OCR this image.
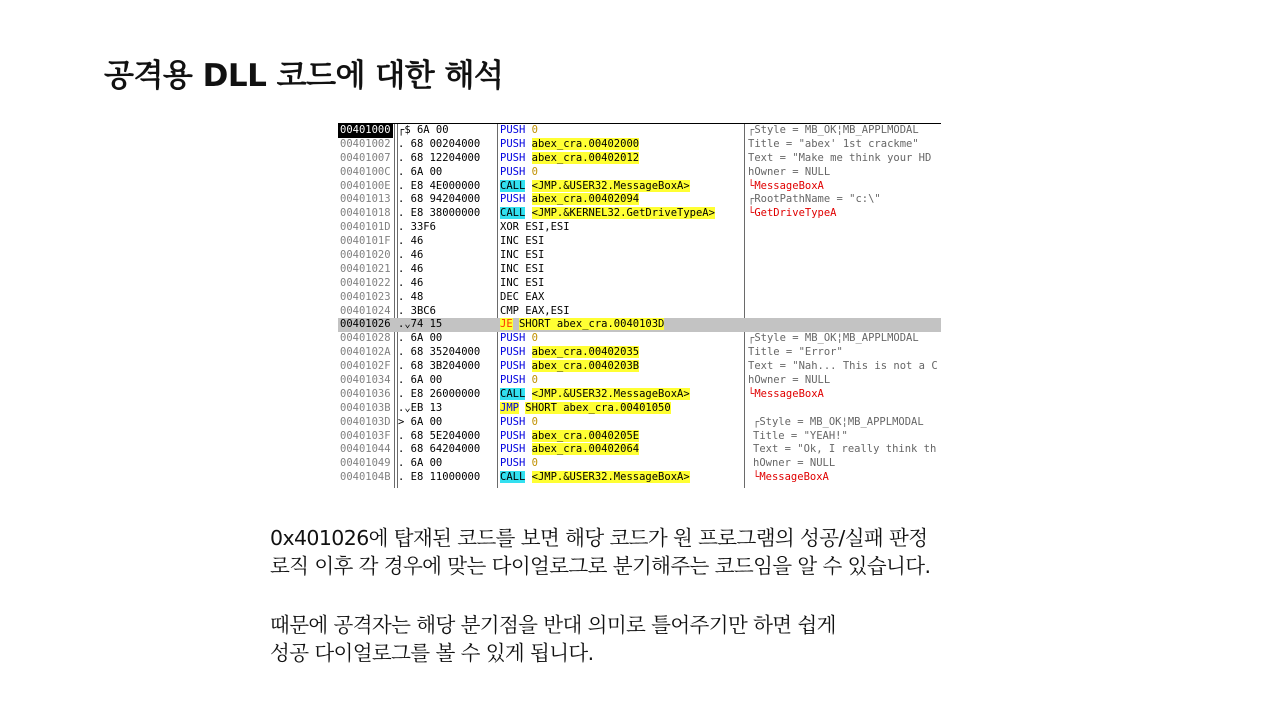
공격용 DLL 코드에 대한 해석
00401000 ┌$ 6A 00	PUSH 0	┌Style = MB_OK¦MB_APPLMODAL
00401002 . 68 00204000 PUSH abex_cra.00402000	Title = "abex' 1st crackme"
00401007 . 68 12204000 PUSH abex_cra.00402012	Text = "Make me think your HD
0040100C . 6A 00	PUSH 0	hOwner = NULL
0040100E . E8 4E000000 CALL <JMP.&USER32.MessageBoxA>	└MessageBoxA
00401013 . 68 94204000 PUSH abex_cra.00402094	┌RootPathName = "c:\"
00401018 . E8 38000000 CALL <JMP.&KERNEL32.GetDriveTypeA>	└GetDriveTypeA
0040101D . 33F6	XOR ESI,ESI
0040101F . 46	INC ESI
00401020 . 46	INC ESI
00401021 . 46	INC ESI
00401022 . 46	INC ESI
00401023 . 48	DEC EAX
00401024 . 3BC6	CMP EAX,ESI
00401026 .⌄74 15	JE SHORT abex_cra.0040103D
00401028 . 6A 00	PUSH 0	┌Style = MB_OK¦MB_APPLMODAL
0040102A . 68 35204000 PUSH abex_cra.00402035	Title = "Error"
0040102F . 68 3B204000 PUSH abex_cra.0040203B	Text = "Nah... This is not a C
00401034 . 6A 00	PUSH 0	hOwner = NULL
00401036 . E8 26000000 CALL <JMP.&USER32.MessageBoxA>	└MessageBoxA
0040103B .⌄EB 13	JMP SHORT abex_cra.00401050
0040103D > 6A 00	PUSH 0	┌Style = MB_OK¦MB_APPLMODAL
0040103F . 68 5E204000 PUSH abex_cra.0040205E	Title = "YEAH!"
00401044 . 68 64204000 PUSH abex_cra.00402064	Text = "Ok, I really think th
00401049 . 6A 00	PUSH 0	hOwner = NULL
0040104B . E8 11000000 CALL <JMP.&USER32.MessageBoxA>	└MessageBoxA

0x401026에 탑재된 코드를 보면 해당 코드가 원 프로그램의 성공/실패 판정
로직 이후 각 경우에 맞는 다이얼로그로 분기해주는 코드임을 알 수 있습니다.

때문에 공격자는 해당 분기점을 반대 의미로 틀어주기만 하면 쉽게
성공 다이얼로그를 볼 수 있게 됩니다.
